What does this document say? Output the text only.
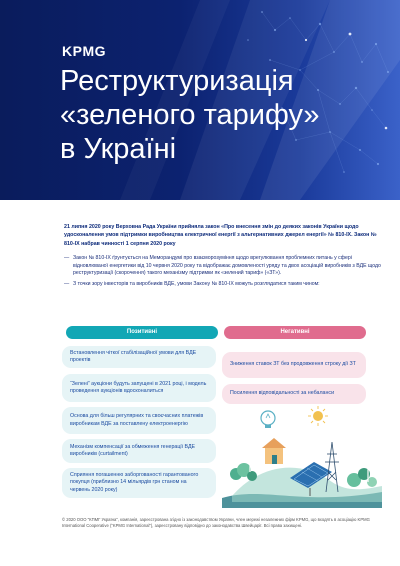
KPMG
Реструктуризація
«зеленого тарифу»
в Україні

21 липня 2020 року Верховна Рада України прийняла закон «Про внесення змін до деяких законів України щодо удосконалення умов підтримки виробництва електричної енергії з альтернативних джерел енергії» № 810-IX. Закон № 810-IX набрав чинності 1 серпня 2020 року

— Закон № 810-IX ґрунтується на Меморандумі про взаєморозуміння щодо врегулювання проблемних питань у сфері відновлюваної енергетики від 10 червня 2020 року та відображає домовленості уряду та двох асоціацій виробників з ВДЕ щодо реструктуризації (скорочення) такого механізму підтримки як «зелений тариф» («ЗТ»).
— З точки зору інвесторів та виробників ВДЕ, умови Закону № 810-IX можуть розглядатися таким чином:
Позитивні	Негативні
Встановлення чіткої стабілізаційної умови для ВДЕ проектів
“Зелені” аукціони будуть запущені в 2021 році, і модель проведення аукціонів вдосконалиться
Основа для більш регулярних та своєчасних платежів виробникам ВДЕ за поставлену електроенергію
Механізм компенсації за обмеження генерації ВДЕ виробників (curtailment)
Сприяння погашенню заборгованості гарантованого покупця (приблизно 14 мільярдів грн станом на червень 2020 року)
Зниження ставок ЗТ без продовження строку дії ЗТ
Посилення відповідальності за небаланси

© 2020 ООО "КПМГ Україна", компанія, зареєстрована згідно із законодавством України, член мережі незалежних фірм KPMG, що входять в асоціацію KPMG International Cooperative ("KPMG International"), зареєстровану відповідно до законодавства Швейцарії. Всі права захищені.
